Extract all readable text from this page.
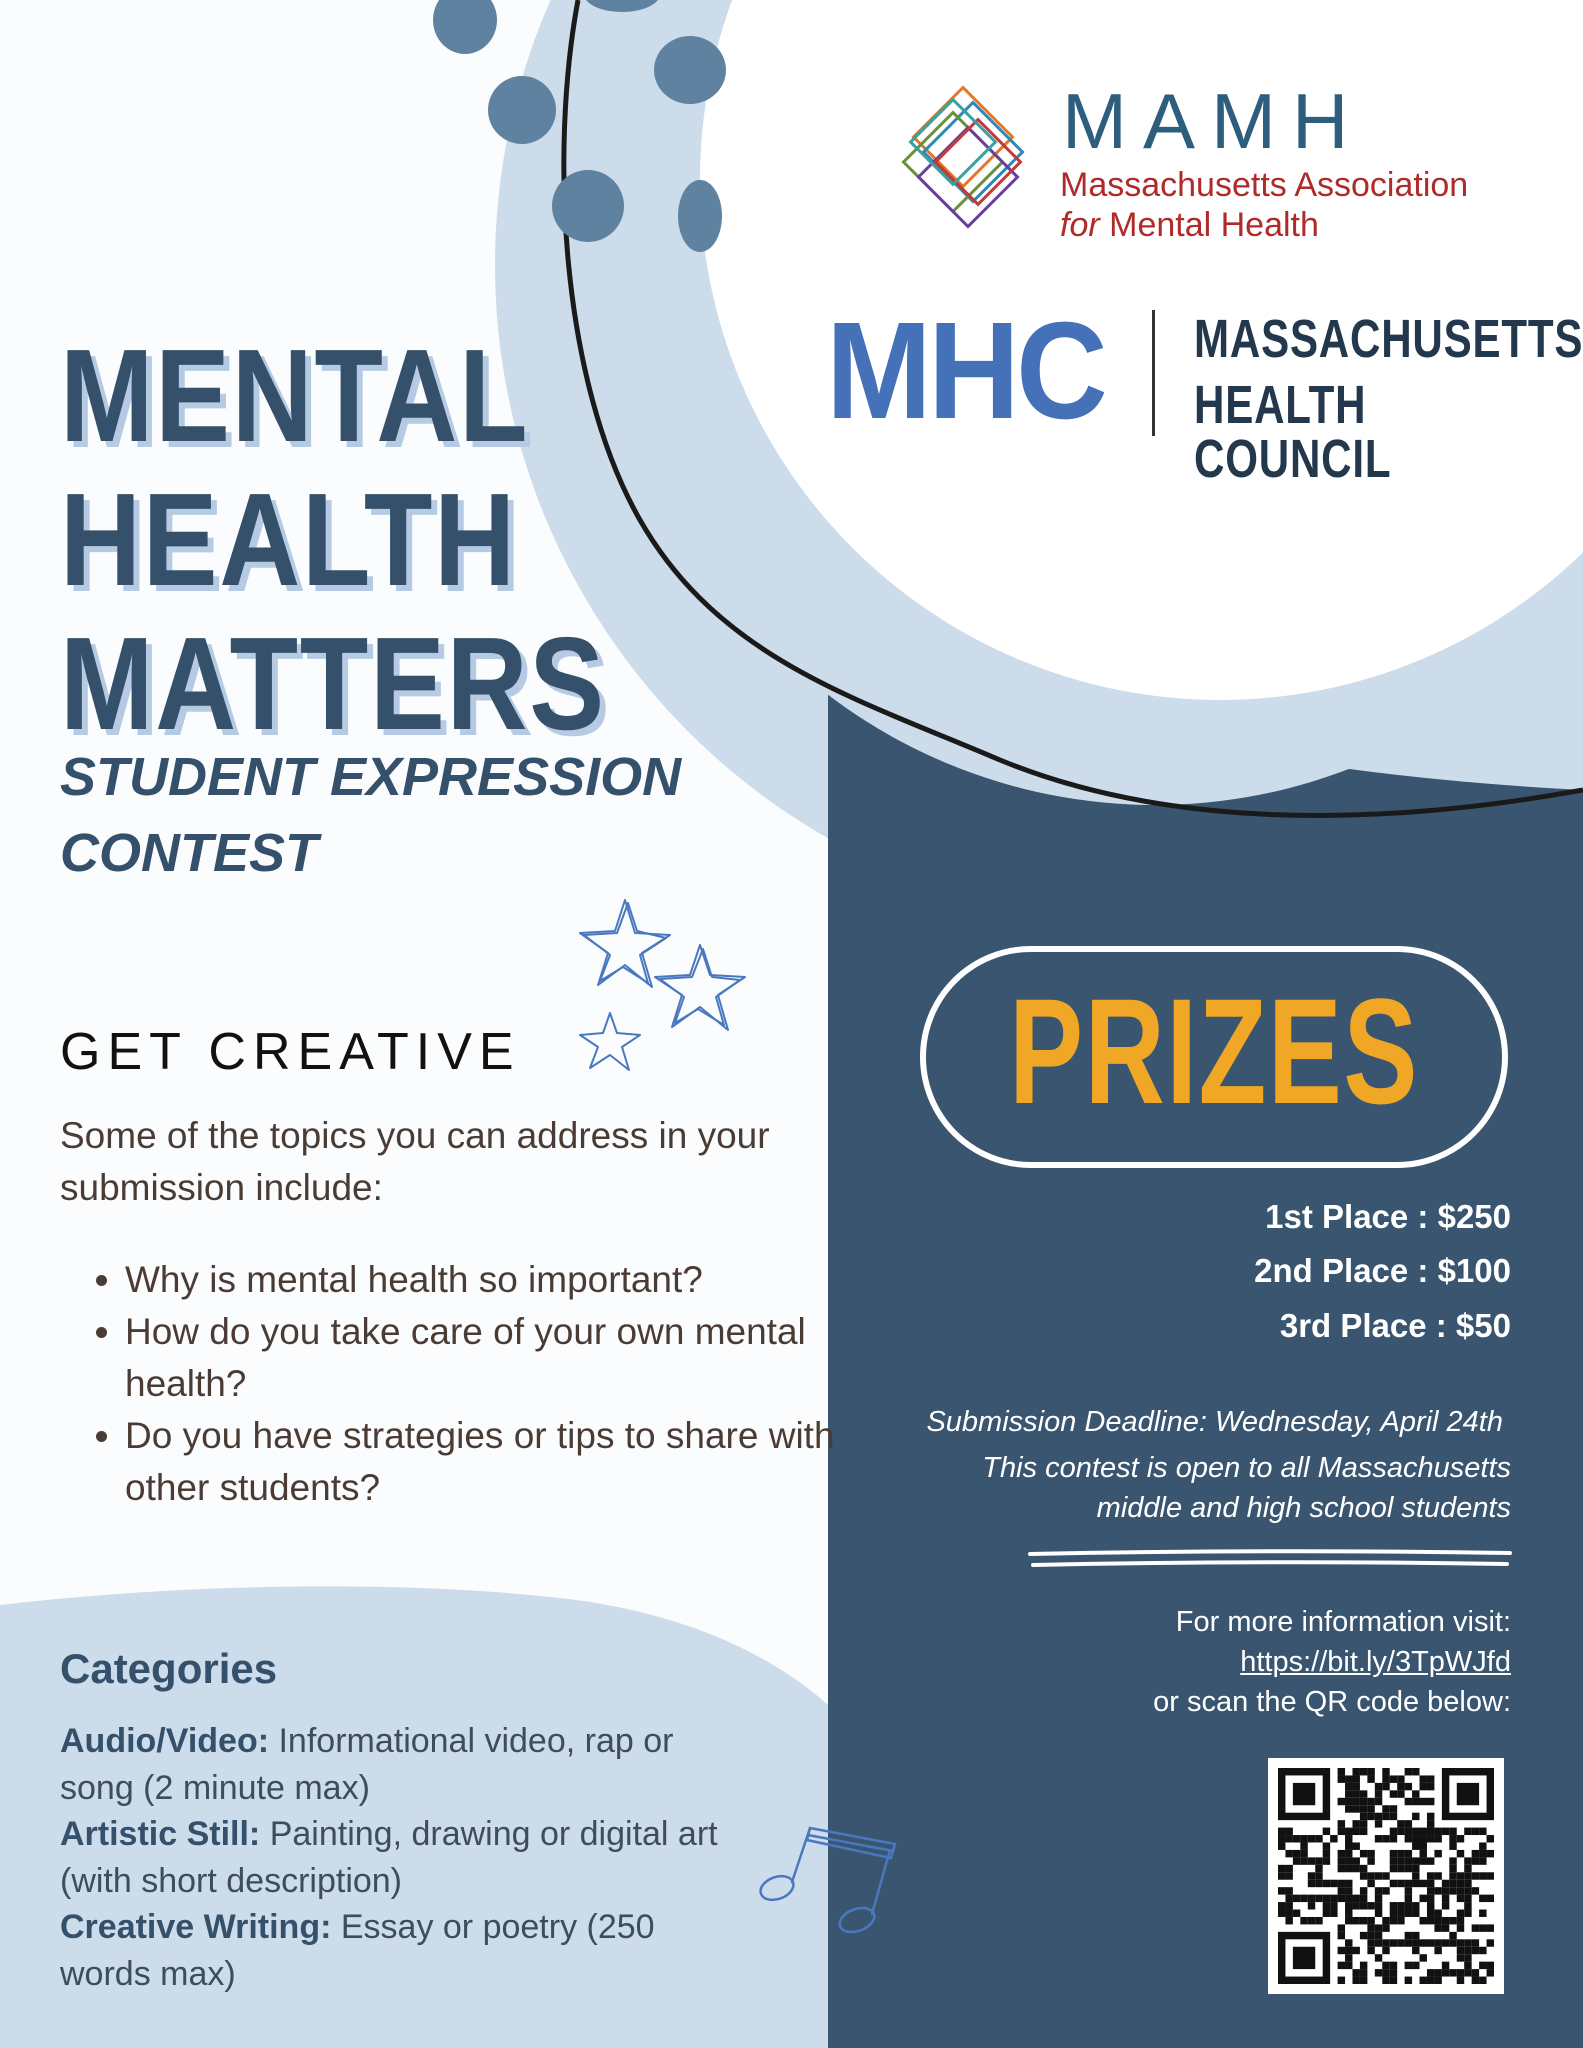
MAMH
Massachusetts Association
for Mental Health
MHC MASSACHUSETTS
HEALTH COUNCIL
MENTAL
HEALTH
MATTERS
STUDENT EXPRESSION
CONTEST
GET CREATIVE
Some of the topics you can address in your submission include:
• Why is mental health so important?
• How do you take care of your own mental health?
• Do you have strategies or tips to share with other students?
Categories
Audio/Video: Informational video, rap or song (2 minute max)
Artistic Still: Painting, drawing or digital art (with short description)
Creative Writing: Essay or poetry (250 words max)
PRIZES
1st Place : $250
2nd Place : $100
3rd Place : $50
Submission Deadline: Wednesday, April 24th
This contest is open to all Massachusetts
middle and high school students
For more information visit:
https://bit.ly/3TpWJfd
or scan the QR code below:
